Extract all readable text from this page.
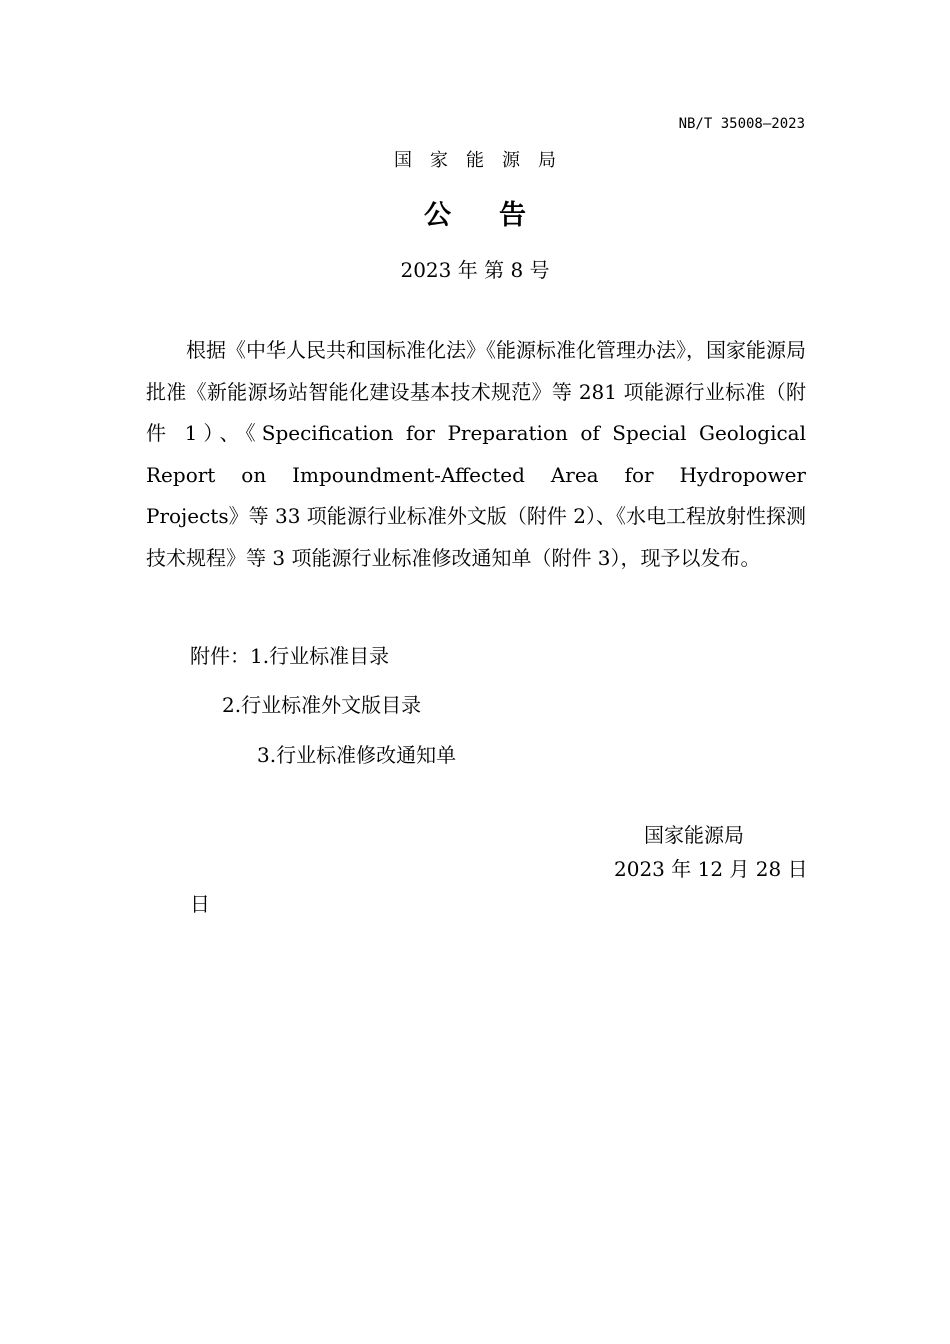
NB/T 35008—2023
国家能源局
公告
2023 年 第 8 号
根据《中华人民共和国标准化法》《能源标准化管理办法》，国家能源局批准《新能源场站智能化建设基本技术规范》等 281 项能源行业标准（附件 1）、《Specification for Preparation of Special Geological Report on Impoundment-Affected Area for Hydropower Projects》等 33 项能源行业标准外文版（附件 2）、《水电工程放射性探测技术规程》等 3 项能源行业标准修改通知单（附件 3），现予以发布。
附件：1.行业标准目录
2.行业标准外文版目录
3.行业标准修改通知单
国家能源局
2023 年 12 月 28 日
日
